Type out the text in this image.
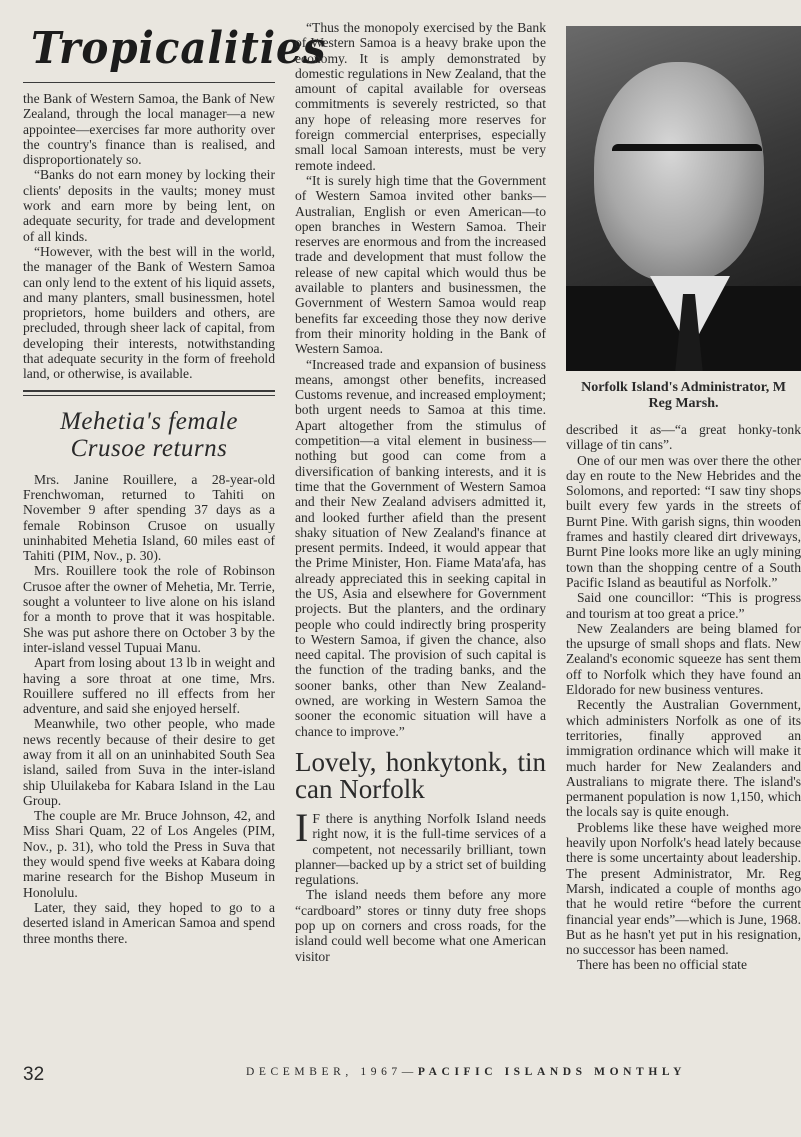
Tropicalities

the Bank of Western Samoa, the Bank of New Zealand, through the local manager—a new appointee—exercises far more authority over the country's finance than is realised, and disproportionately so.

“Banks do not earn money by locking their clients' deposits in the vaults; money must work and earn more by being lent, on adequate security, for trade and development of all kinds.

“However, with the best will in the world, the manager of the Bank of Western Samoa can only lend to the extent of his liquid assets, and many planters, small businessmen, hotel proprietors, home builders and others, are precluded, through sheer lack of capital, from developing their interests, notwithstanding that adequate security in the form of freehold land, or otherwise, is available.

Mehetia's female Crusoe returns

Mrs. Janine Rouillere, a 28-year-old Frenchwoman, returned to Tahiti on November 9 after spending 37 days as a female Robinson Crusoe on usually uninhabited Mehetia Island, 60 miles east of Tahiti (PIM, Nov., p. 30).

Mrs. Rouillere took the role of Robinson Crusoe after the owner of Mehetia, Mr. Terrie, sought a volunteer to live alone on his island for a month to prove that it was hospitable. She was put ashore there on October 3 by the inter-island vessel Tupuai Manu.

Apart from losing about 13 lb in weight and having a sore throat at one time, Mrs. Rouillere suffered no ill effects from her adventure, and said she enjoyed herself.

Meanwhile, two other people, who made news recently because of their desire to get away from it all on an uninhabited South Sea island, sailed from Suva in the inter-island ship Uluilakeba for Kabara Island in the Lau Group.

The couple are Mr. Bruce Johnson, 42, and Miss Shari Quam, 22 of Los Angeles (PIM, Nov., p. 31), who told the Press in Suva that they would spend five weeks at Kabara doing marine research for the Bishop Museum in Honolulu.

Later, they said, they hoped to go to a deserted island in American Samoa and spend three months there.

“Thus the monopoly exercised by the Bank of Western Samoa is a heavy brake upon the economy. It is amply demonstrated by domestic regulations in New Zealand, that the amount of capital available for overseas commitments is severely restricted, so that any hope of releasing more reserves for foreign commercial enterprises, especially small local Samoan interests, must be very remote indeed.

“It is surely high time that the Government of Western Samoa invited other banks—Australian, English or even American—to open branches in Western Samoa. Their reserves are enormous and from the increased trade and development that must follow the release of new capital which would thus be available to planters and businessmen, the Government of Western Samoa would reap benefits far exceeding those they now derive from their minority holding in the Bank of Western Samoa.

“Increased trade and expansion of business means, amongst other benefits, increased Customs revenue, and increased employment; both urgent needs to Samoa at this time. Apart altogether from the stimulus of competition—a vital element in business—nothing but good can come from a diversification of banking interests, and it is time that the Government of Western Samoa and their New Zealand advisers admitted it, and looked further afield than the present shaky situation of New Zealand's finance at present permits. Indeed, it would appear that the Prime Minister, Hon. Fiame Mata'afa, has already appreciated this in seeking capital in the US, Asia and elsewhere for Government projects. But the planters, and the ordinary people who could indirectly bring prosperity to Western Samoa, if given the chance, also need capital. The provision of such capital is the function of the trading banks, and the sooner banks, other than New Zealand-owned, are working in Western Samoa the sooner the economic situation will have a chance to improve.”

Lovely, honkytonk, tin can Norfolk

I F there is anything Norfolk Island needs right now, it is the full-time services of a competent, not necessarily brilliant, town planner—backed up by a strict set of building regulations.

The island needs them before any more “cardboard” stores or tinny duty free shops pop up on corners and cross roads, for the island could well become what one American visitor

Norfolk Island's Administrator, M
Reg Marsh.

described it as—“a great honky-tonk village of tin cans”.

One of our men was over there the other day en route to the New Hebrides and the Solomons, and reported: “I saw tiny shops built every few yards in the streets of Burnt Pine. With garish signs, thin wooden frames and hastily cleared dirt driveways, Burnt Pine looks more like an ugly mining town than the shopping centre of a South Pacific Island as beautiful as Norfolk.”

Said one councillor: “This is progress and tourism at too great a price.”

New Zealanders are being blamed for the upsurge of small shops and flats. New Zealand's economic squeeze has sent them off to Norfolk which they have found an Eldorado for new business ventures.

Recently the Australian Government, which administers Norfolk as one of its territories, finally approved an immigration ordinance which will make it much harder for New Zealanders and Australians to migrate there. The island's permanent population is now 1,150, which the locals say is quite enough.

Problems like these have weighed more heavily upon Norfolk's head lately because there is some uncertainty about leadership. The present Administrator, Mr. Reg Marsh, indicated a couple of months ago that he would retire “before the current financial year ends”—which is June, 1968. But as he hasn't yet put in his resignation, no successor has been named.

There has been no official state

32	DECEMBER, 1967—PACIFIC ISLANDS MONTHLY
